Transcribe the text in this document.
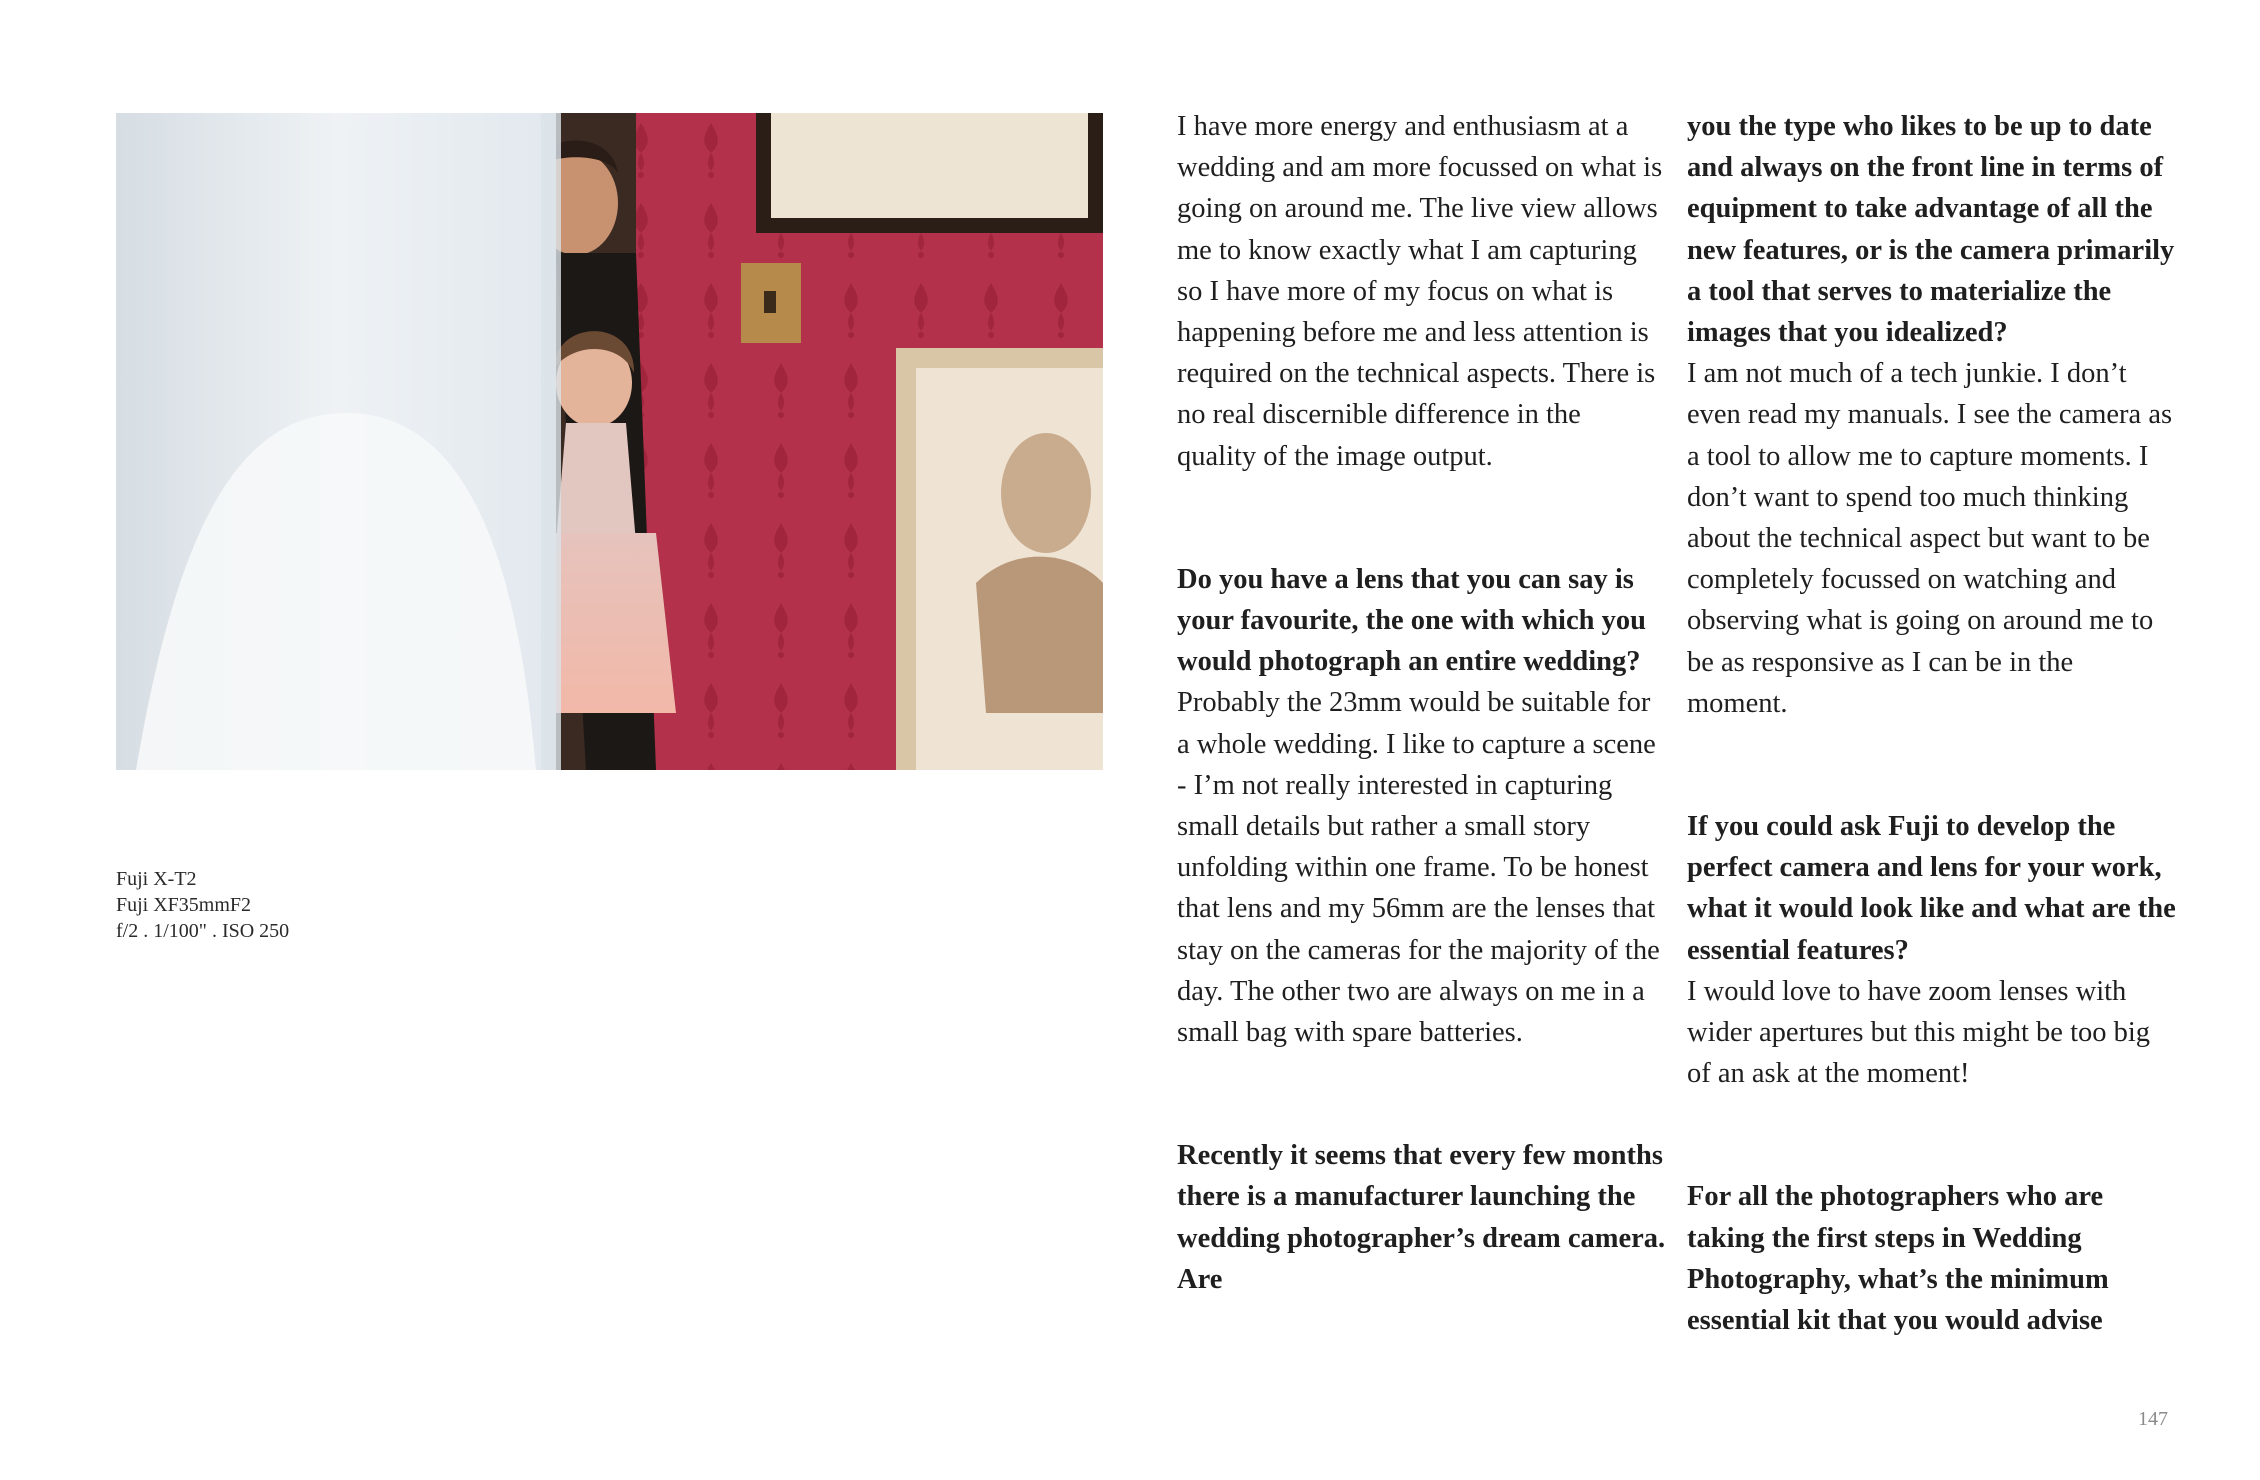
Fuji X-T2
Fuji XF35mmF2
f/2 . 1/100" . ISO 250

I have more energy and enthusiasm at a wedding and am more focussed on what is going on around me. The live view allows me to know exactly what I am capturing so I have more of my focus on what is happening before me and less attention is required on the technical aspects. There is no real discernible difference in the quality of the image output.

Do you have a lens that you can say is your favourite, the one with which you would photograph an entire wedding?

Probably the 23mm would be suitable for a whole wedding. I like to capture a scene - I’m not really interested in capturing small details but rather a small story unfolding within one frame. To be honest that lens and my 56mm are the lenses that stay on the cameras for the majority of the day. The other two are always on me in a small bag with spare batteries.

Recently it seems that every few months there is a manufacturer launching the wedding photographer’s dream camera. Are

you the type who likes to be up to date and always on the front line in terms of equipment to take advantage of all the new features, or is the camera primarily a tool that serves to materialize the images that you idealized?

I am not much of a tech junkie. I don’t even read my manuals. I see the camera as a tool to allow me to capture moments. I don’t want to spend too much thinking about the technical aspect but want to be completely focussed on watching and observing what is going on around me to be as responsive as I can be in the moment.

If you could ask Fuji to develop the perfect camera and lens for your work, what it would look like and what are the essential features?

I would love to have zoom lenses with wider apertures but this might be too big of an ask at the moment!

For all the photographers who are taking the first steps in Wedding Photography, what’s the minimum essential kit that you would advise

147
